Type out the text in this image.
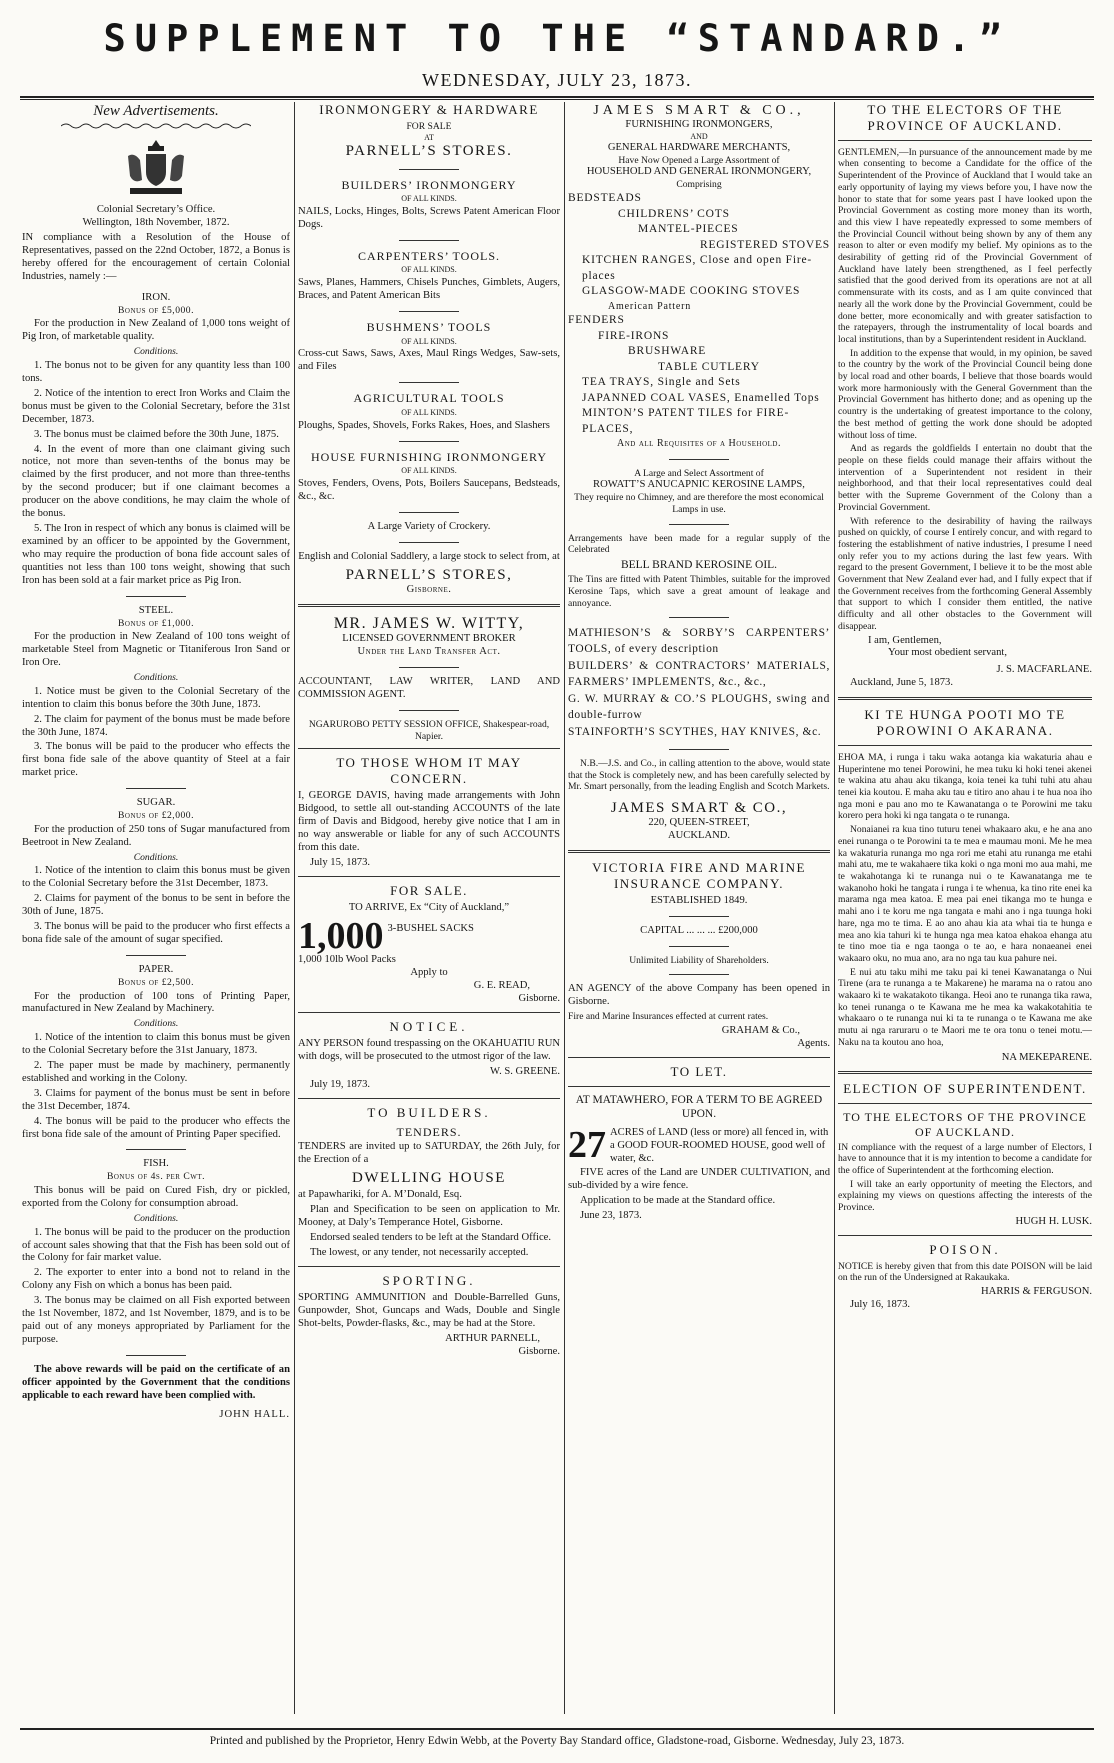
SUPPLEMENT TO THE “STANDARD.”
WEDNESDAY, JULY 23, 1873.
New Advertisements.
Colonial Secretary’s Office.
Wellington, 18th November, 1872.

IN compliance with a Resolution of the House of Representatives, passed on the 22nd October, 1872, a Bonus is hereby offered for the encouragement of certain Colonial Industries, namely :—

IRON.
Bonus of £5,000.

For the production in New Zealand of 1,000 tons weight of Pig Iron, of marketable quality.

Conditions.

1. The bonus not to be given for any quantity less than 100 tons.

2. Notice of the intention to erect Iron Works and Claim the bonus must be given to the Colonial Secretary, before the 31st December, 1873.

3. The bonus must be claimed before the 30th June, 1875.

4. In the event of more than one claimant giving such notice, not more than seven-tenths of the bonus may be claimed by the first producer, and not more than three-tenths by the second producer; but if one claimant becomes a producer on the above conditions, he may claim the whole of the bonus.

5. The Iron in respect of which any bonus is claimed will be examined by an officer to be appointed by the Government, who may require the production of bona fide account sales of quantities not less than 100 tons weight, showing that such Iron has been sold at a fair market price as Pig Iron.

STEEL.
Bonus of £1,000.

For the production in New Zealand of 100 tons weight of marketable Steel from Magnetic or Titaniferous Iron Sand or Iron Ore.

Conditions.

1. Notice must be given to the Colonial Secretary of the intention to claim this bonus before the 30th June, 1873.

2. The claim for payment of the bonus must be made before the 30th June, 1874.

3. The bonus will be paid to the producer who effects the first bona fide sale of the above quantity of Steel at a fair market price.

SUGAR.
Bonus of £2,000.

For the production of 250 tons of Sugar manufactured from Beetroot in New Zealand.

Conditions.

1. Notice of the intention to claim this bonus must be given to the Colonial Secretary before the 31st December, 1873.

2. Claims for payment of the bonus to be sent in before the 30th of June, 1875.

3. The bonus will be paid to the producer who first effects a bona fide sale of the amount of sugar specified.

PAPER.
Bonus of £2,500.

For the production of 100 tons of Printing Paper, manufactured in New Zealand by Machinery.

Conditions.

1. Notice of the intention to claim this bonus must be given to the Colonial Secretary before the 31st January, 1873.

2. The paper must be made by machinery, permanently established and working in the Colony.

3. Claims for payment of the bonus must be sent in before the 31st December, 1874.

4. The bonus will be paid to the producer who effects the first bona fide sale of the amount of Printing Paper specified.

FISH.
Bonus of 4s. per Cwt.

This bonus will be paid on Cured Fish, dry or pickled, exported from the Colony for consumption abroad.

Conditions.

1. The bonus will be paid to the producer on the production of account sales showing that that the Fish has been sold out of the Colony for fair market value.

2. The exporter to enter into a bond not to reland in the Colony any Fish on which a bonus has been paid.

3. The bonus may be claimed on all Fish exported between the 1st November, 1872, and 1st November, 1879, and is to be paid out of any moneys appropriated by Parliament for the purpose.

The above rewards will be paid on the certificate of an officer appointed by the Government that the conditions applicable to each reward have been complied with.

JOHN HALL.
IRONMONGERY & HARDWARE
FOR SALE
AT
PARNELL’S STORES.
BUILDERS’ IRONMONGERY
OF ALL KINDS.

NAILS, Locks, Hinges, Bolts, Screws Patent American Floor Dogs.

CARPENTERS’ TOOLS.
OF ALL KINDS.

Saws, Planes, Hammers, Chisels Punches, Gimblets, Augers, Braces, and Patent American Bits

BUSHMENS’ TOOLS
OF ALL KINDS.

Cross-cut Saws, Saws, Axes, Maul Rings Wedges, Saw-sets, and Files

AGRICULTURAL TOOLS
OF ALL KINDS.

Ploughs, Spades, Shovels, Forks Rakes, Hoes, and Slashers

HOUSE FURNISHING IRONMONGERY
OF ALL KINDS.

Stoves, Fenders, Ovens, Pots, Boilers Saucepans, Bedsteads, &c., &c.

A Large Variety of Crockery.

English and Colonial Saddlery, a large stock to select from, at

PARNELL’S STORES,
Gisborne.
MR. JAMES W. WITTY,
LICENSED GOVERNMENT BROKER
Under the Land Transfer Act.

ACCOUNTANT, LAW WRITER, LAND AND COMMISSION AGENT.

NGARUROBO PETTY SESSION OFFICE, Shakespear-road, Napier.
TO THOSE WHOM IT MAY CONCERN.

I, GEORGE DAVIS, having made arrangements with John Bidgood, to settle all out-standing ACCOUNTS of the late firm of Davis and Bidgood, hereby give notice that I am in no way answerable or liable for any of such ACCOUNTS from this date.

July 15, 1873.
FOR SALE.
TO ARRIVE, Ex “City of Auckland,”
1,000 3-BUSHEL SACKS
1,000 10lb Wool Packs
Apply to
G. E. READ,
Gisborne.
NOTICE.

ANY PERSON found trespassing on the OKAHUATIU RUN with dogs, will be prosecuted to the utmost rigor of the law.

W. S. GREENE.
July 19, 1873.
TO BUILDERS.
TENDERS.

TENDERS are invited up to SATURDAY, the 26th July, for the Erection of a

DWELLING HOUSE

at Papawhariki, for A. M’Donald, Esq.

Plan and Specification to be seen on application to Mr. Mooney, at Daly’s Temperance Hotel, Gisborne.

Endorsed sealed tenders to be left at the Standard Office.

The lowest, or any tender, not necessarily accepted.

SPORTING.

SPORTING AMMUNITION and Double-Barrelled Guns, Gunpowder, Shot, Guncaps and Wads, Double and Single Shot-belts, Powder-flasks, &c., may be had at the Store.

ARTHUR PARNELL,
Gisborne.
JAMES SMART & CO.,
FURNISHING IRONMONGERS,
AND
GENERAL HARDWARE MERCHANTS,
Have Now Opened a Large Assortment of
HOUSEHOLD AND GENERAL IRONMONGERY,
Comprising
BEDSTEADS
CHILDRENS’ COTS
MANTEL-PIECES
REGISTERED STOVES
KITCHEN RANGES, Close and open Fire-places
GLASGOW-MADE COOKING STOVES
American Pattern
FENDERS
FIRE-IRONS
BRUSHWARE
TABLE CUTLERY
TEA TRAYS, Single and Sets
JAPANNED COAL VASES, Enamelled Tops
MINTON’S PATENT TILES for FIRE-PLACES,
And all Requisites of a Household.
A Large and Select Assortment of
ROWATT’S ANUCAPNIC KEROSINE LAMPS,
They require no Chimney, and are therefore the most economical Lamps in use.

Arrangements have been made for a regular supply of the Celebrated

BELL BRAND KEROSINE OIL.

The Tins are fitted with Patent Thimbles, suitable for the improved Kerosine Taps, which save a great amount of leakage and annoyance.

MATHIESON’S & SORBY’S CARPENTERS’ TOOLS, of every description

BUILDERS’ & CONTRACTORS’ MATERIALS, FARMERS’ IMPLEMENTS, &c., &c.,

G. W. MURRAY & CO.’S PLOUGHS, swing and double-furrow

STAINFORTH’S SCYTHES, HAY KNIVES, &c.

N.B.—J.S. and Co., in calling attention to the above, would state that the Stock is completely new, and has been carefully selected by Mr. Smart personally, from the leading English and Scotch Markets.

JAMES SMART & CO.,
220, QUEEN-STREET,
AUCKLAND.
VICTORIA FIRE AND MARINE INSURANCE COMPANY.
ESTABLISHED 1849.
CAPITAL ... ... ... £200,000
Unlimited Liability of Shareholders.

AN AGENCY of the above Company has been opened in Gisborne.

Fire and Marine Insurances effected at current rates.

GRAHAM & Co.,
Agents.
TO LET.
AT MATAWHERO, FOR A TERM TO BE AGREED UPON.
27 ACRES of LAND (less or more) all fenced in, with a GOOD FOUR-ROOMED HOUSE, good well of water, &c.

FIVE acres of the Land are UNDER CULTIVATION, and sub-divided by a wire fence.

Application to be made at the Standard office.

June 23, 1873.
TO THE ELECTORS OF THE PROVINCE OF AUCKLAND.

GENTLEMEN,—In pursuance of the announcement made by me when consenting to become a Candidate for the office of the Superintendent of the Province of Auckland that I would take an early opportunity of laying my views before you, I have now the honor to state that for some years past I have looked upon the Provincial Government as costing more money than its worth, and this view I have repeatedly expressed to some members of the Provincial Council without being shown by any of them any reason to alter or even modify my belief. My opinions as to the desirability of getting rid of the Provincial Government of Auckland have lately been strengthened, as I feel perfectly satisfied that the good derived from its operations are not at all commensurate with its costs, and as I am quite convinced that nearly all the work done by the Provincial Government, could be done better, more economically and with greater satisfaction to the ratepayers, through the instrumentality of local boards and local institutions, than by a Superintendent resident in Auckland.

In addition to the expense that would, in my opinion, be saved to the country by the work of the Provincial Council being done by local road and other boards, I believe that those boards would work more harmoniously with the General Government than the Provincial Government has hitherto done; and as opening up the country is the undertaking of greatest importance to the colony, the best method of getting the work done should be adopted without loss of time.

And as regards the goldfields I entertain no doubt that the people on these fields could manage their affairs without the intervention of a Superintendent not resident in their neighborhood, and that their local representatives could deal better with the Supreme Government of the Colony than a Provincial Government.

With reference to the desirability of having the railways pushed on quickly, of course I entirely concur, and with regard to fostering the establishment of native industries, I presume I need only refer you to my actions during the last few years. With regard to the present Government, I believe it to be the most able Government that New Zealand ever had, and I fully expect that if the Government receives from the forthcoming General Assembly that support to which I consider them entitled, the native difficulty and all other obstacles to the Government will disappear.

I am, Gentlemen,
Your most obedient servant,
J. S. MACFARLANE.
Auckland, June 5, 1873.
KI TE HUNGA POOTI MO TE POROWINI O AKARANA.

EHOA MA, i runga i taku waka aotanga kia wakaturia ahau e Huperintene mo tenei Porowini, he mea tuku ki hoki tenei akenei te wakina atu ahau aku tikanga, koia tenei ka tuhi tuhi atu ahau tenei kia koutou. E maha aku tau e titiro ano ahau i te hua noa iho nga moni e pau ano mo te Kawanatanga o te Porowini me taku korero pera hoki ki nga tangata o te runanga.

Nonaianei ra kua tino tuturu tenei whakaaro aku, e he ana ano enei runanga o te Porowini ta te mea e maumau moni. Me he mea ka wakaturia runanga mo nga rori me etahi atu runanga me etahi mahi atu, me te wakahaere tika koki o nga moni mo aua mahi, me te wakahotanga ki te runanga nui o te Kawanatanga me te wakanoho hoki he tangata i runga i te whenua, ka tino rite enei ka marama nga mea katoa. E mea pai enei tikanga mo te hunga e mahi ano i te koru me nga tangata e mahi ano i nga tuunga hoki hare, nga mo te tima. E ao ano ahau kia ata whai tia te hunga e mea ano kia tahuri ki te hunga nga mea katoa ehakoa ehanga atu te tino moe tia e nga taonga o te ao, e hara nonaeanei enei wakaaro oku, no mua ano, ara no nga tau kua pahure nei.

E nui atu taku mihi me taku pai ki tenei Kawanatanga o Nui Tirene (ara te runanga a te Makarene) he marama na o ratou ano wakaaro ki te wakatakoto tikanga. Heoi ano te runanga tika rawa, ko tenei runanga o te Kawana me he mea ka wakakotahitia te whakaaro o te runanga nui ki ta te runanga o te Kawana me ake mutu ai nga raruraru o te Maori me te ora tonu o tenei motu.—Naku na ta koutou ano hoa,

NA MEKEPARENE.
ELECTION OF SUPERINTENDENT.
TO THE ELECTORS OF THE PROVINCE OF AUCKLAND.

IN compliance with the request of a large number of Electors, I have to announce that it is my intention to become a candidate for the office of Superintendent at the forthcoming election.

I will take an early opportunity of meeting the Electors, and explaining my views on questions affecting the interests of the Province.

HUGH H. LUSK.
POISON.

NOTICE is hereby given that from this date POISON will be laid on the run of the Undersigned at Rakaukaka.

HARRIS & FERGUSON.
July 16, 1873.
Printed and published by the Proprietor, Henry Edwin Webb, at the Poverty Bay Standard office, Gladstone-road, Gisborne. Wednesday, July 23, 1873.
